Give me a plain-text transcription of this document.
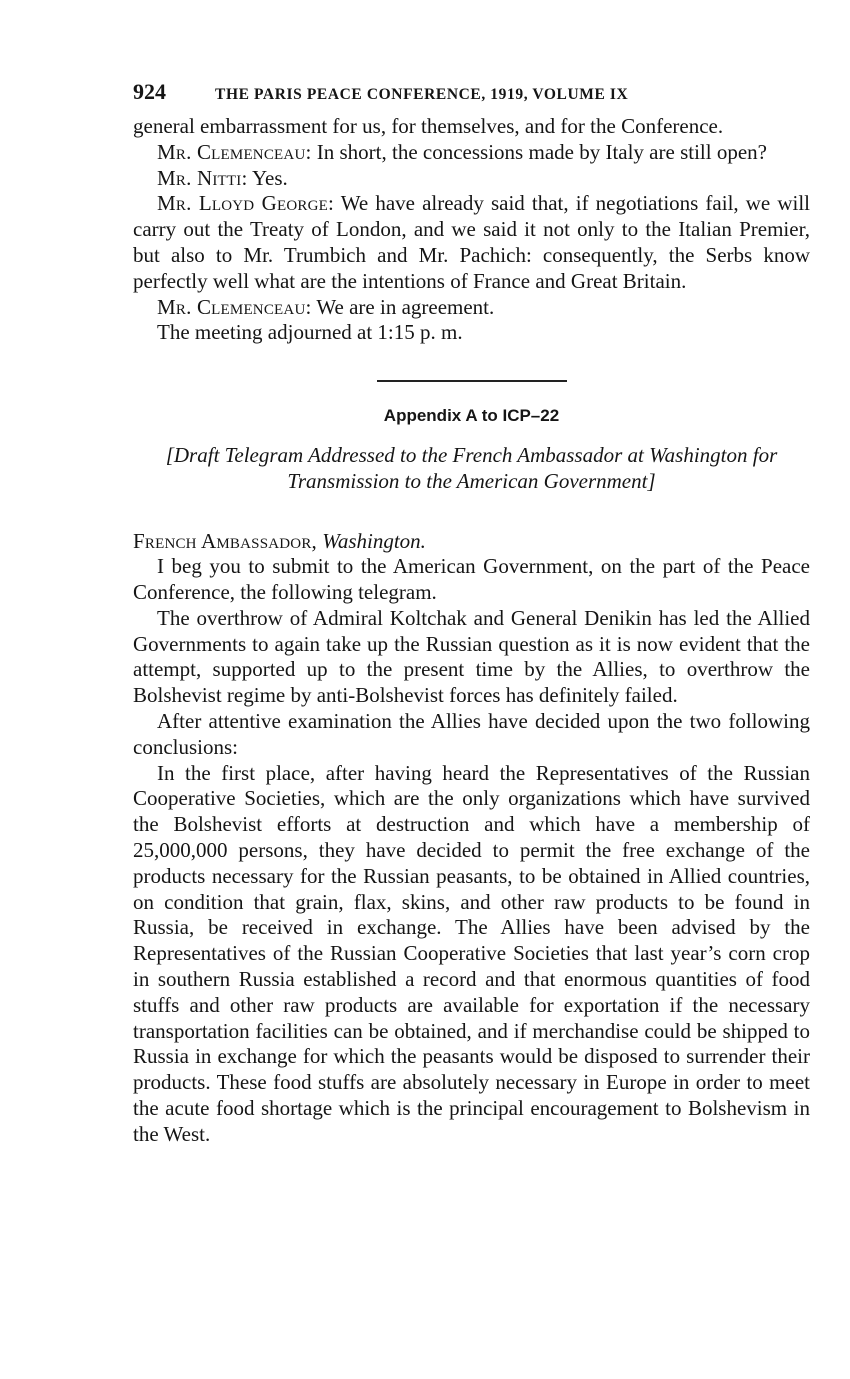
924	THE PARIS PEACE CONFERENCE, 1919, VOLUME IX

general embarrassment for us, for themselves, and for the Conference.

Mr. Clemenceau: In short, the concessions made by Italy are still open?

Mr. Nitti: Yes.

Mr. Lloyd George: We have already said that, if negotiations fail, we will carry out the Treaty of London, and we said it not only to the Italian Premier, but also to Mr. Trumbich and Mr. Pachich: consequently, the Serbs know perfectly well what are the intentions of France and Great Britain.

Mr. Clemenceau: We are in agreement.

The meeting adjourned at 1:15 p. m.

Appendix A to ICP–22

[Draft Telegram Addressed to the French Ambassador at Washington for Transmission to the American Government]

French Ambassador, Washington.

I beg you to submit to the American Government, on the part of the Peace Conference, the following telegram.

The overthrow of Admiral Koltchak and General Denikin has led the Allied Governments to again take up the Russian question as it is now evident that the attempt, supported up to the present time by the Allies, to overthrow the Bolshevist regime by anti-Bolshevist forces has definitely failed.

After attentive examination the Allies have decided upon the two following conclusions:

In the first place, after having heard the Representatives of the Russian Cooperative Societies, which are the only organizations which have survived the Bolshevist efforts at destruction and which have a membership of 25,000,000 persons, they have decided to permit the free exchange of the products necessary for the Russian peasants, to be obtained in Allied countries, on condition that grain, flax, skins, and other raw products to be found in Russia, be received in exchange. The Allies have been advised by the Representatives of the Russian Cooperative Societies that last year’s corn crop in southern Russia established a record and that enormous quantities of food stuffs and other raw products are available for exportation if the necessary transportation facilities can be obtained, and if merchandise could be shipped to Russia in exchange for which the peasants would be disposed to surrender their products. These food stuffs are absolutely necessary in Europe in order to meet the acute food shortage which is the principal encouragement to Bolshevism in the West.
